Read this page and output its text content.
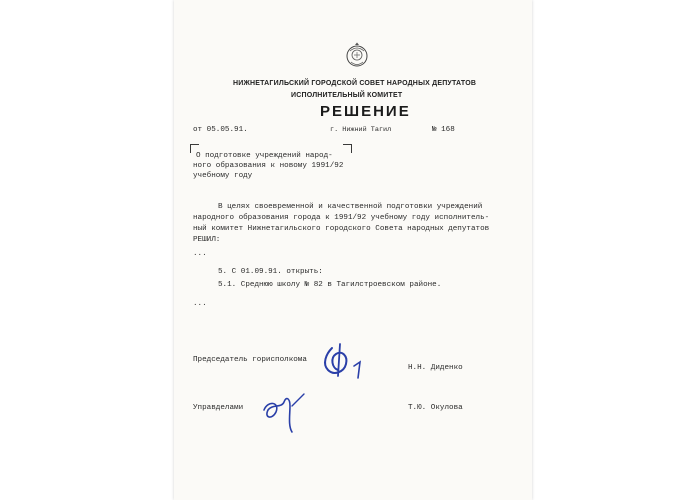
НИЖНЕТАГИЛЬСКИЙ ГОРОДСКОЙ СОВЕТ НАРОДНЫХ ДЕПУТАТОВ
ИСПОЛНИТЕЛЬНЫЙ КОМИТЕТ
РЕШЕНИЕ
от 05.05.91.	г. Нижний Тагил	№ 168
О подготовке учреждений народ-
ного образования к новому 1991/92
учебному году
В целях своевременной и качественной подготовки учреждений
народного образования города к 1991/92 учебному году исполнитель-
ный комитет Нижнетагильского городского Совета народных депутатов
РЕШИЛ:
...
5. С 01.09.91. открыть:
5.1. Среднюю школу № 82 в Тагилстроевском районе.
...
Председатель горисполкома
Н.Н. Диденко
Управделами	Т.Ю. Окулова
